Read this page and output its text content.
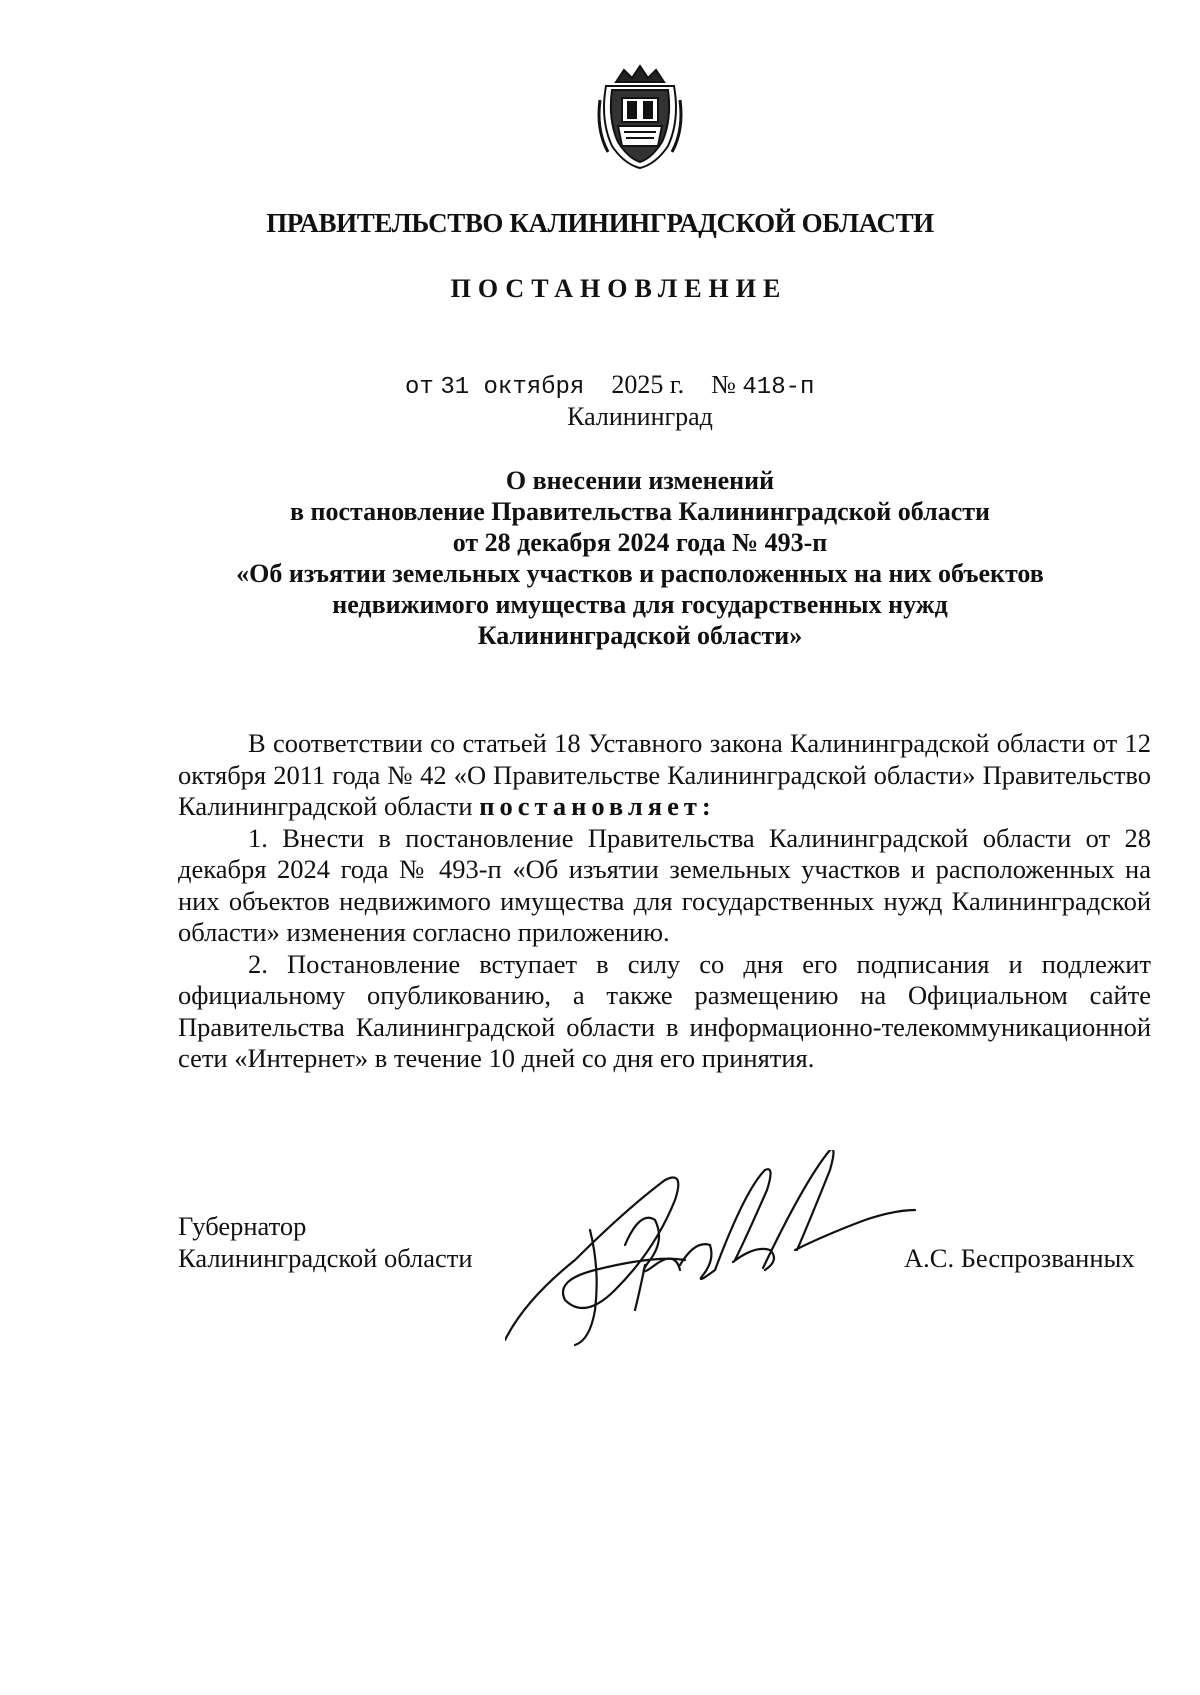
ПРАВИТЕЛЬСТВО КАЛИНИНГРАДСКОЙ ОБЛАСТИ
ПОСТАНОВЛЕНИЕ
от 31 октября 2025 г. № 418-п
Калининград
О внесении изменений
в постановление Правительства Калининградской области
от 28 декабря 2024 года № 493-п
«Об изъятии земельных участков и расположенных на них объектов
недвижимого имущества для государственных нужд
Калининградской области»

В соответствии со статьей 18 Уставного закона Калининградской области от 12 октября 2011 года № 42 «О Правительстве Калининградской области» Правительство Калининградской области постановляет:

1. Внести в постановление Правительства Калининградской области от 28 декабря 2024 года № 493-п «Об изъятии земельных участков и расположенных на них объектов недвижимого имущества для государственных нужд Калининградской области» изменения согласно приложению.

2. Постановление вступает в силу со дня его подписания и подлежит официальному опубликованию, а также размещению на Официальном сайте Правительства Калининградской области в информационно-телекоммуникационной сети «Интернет» в течение 10 дней со дня его принятия.

Губернатор
Калининградской области	А.С. Беспрозванных
